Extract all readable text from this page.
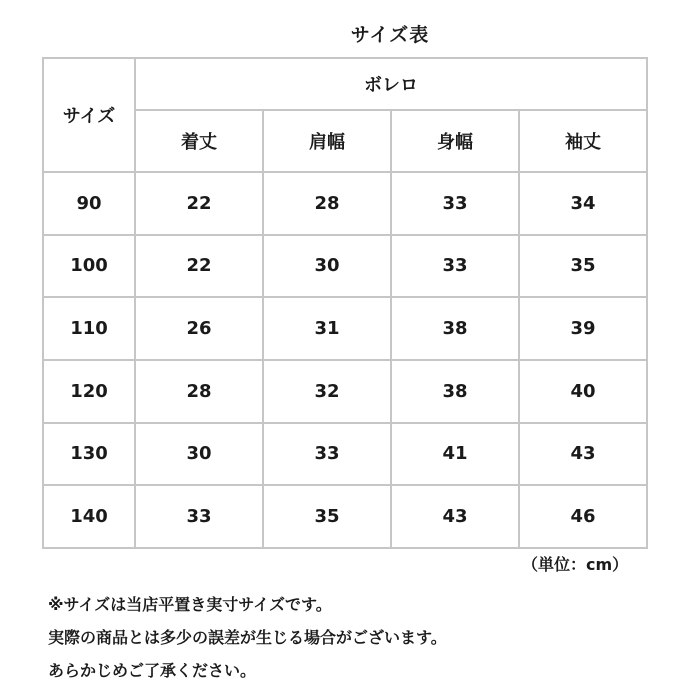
サイズ表
サイズ	ボレロ			
	着丈	肩幅	身幅	袖丈
90	22	28	33	34
100	22	30	33	35
110	26	31	38	39
120	28	32	38	40
130	30	33	41	43
140	33	35	43	46
（単位：cm）
※サイズは当店平置き実寸サイズです。
実際の商品とは多少の誤差が生じる場合がございます。
あらかじめご了承ください。
